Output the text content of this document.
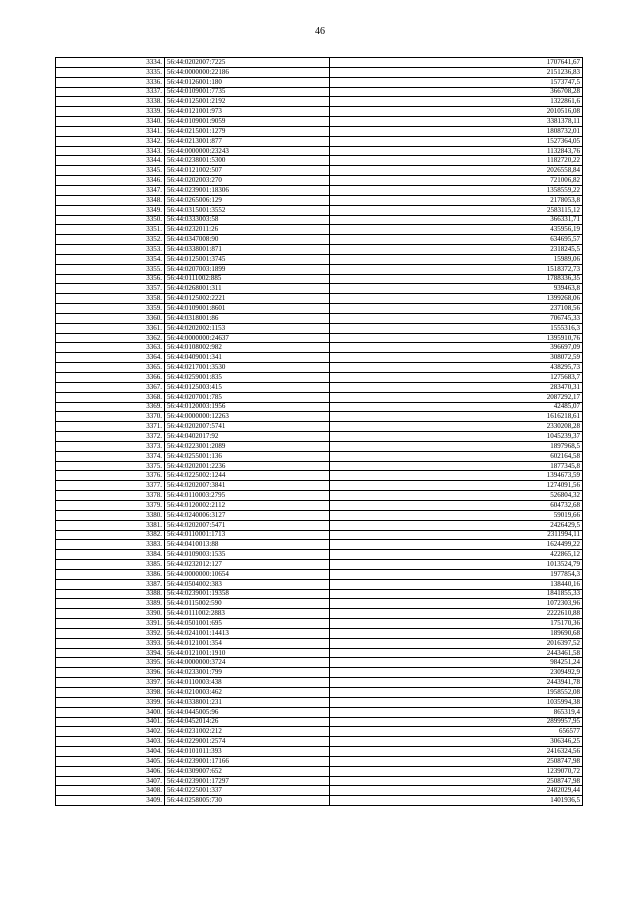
46
3334.	56:44:0202007:7225	1707641,67
3335.	56:44:0000000:22186	2151236,83
3336.	56:44:0126001:180	1573747,5
3337.	56:44:0109001:7735	366708,28
3338.	56:44:0125001:2192	1322861,6
3339.	56:44:0121001:973	2010516,08
3340.	56:44:0109001:9059	3381378,11
3341.	56:44:0215001:1279	1808732,01
3342.	56:44:0213001:877	1527364,05
3343.	56:44:0000000:23243	1132843,76
3344.	56:44:0238001:5300	1182720,22
3345.	56:44:0121002:507	2026558,84
3346.	56:44:0202003:270	721006,82
3347.	56:44:0239001:18306	1358559,22
3348.	56:44:0265006:129	2178053,8
3349.	56:44:0315001:3552	2583115,12
3350.	56:44:0333003:58	366331,71
3351.	56:44:0232011:26	435956,19
3352.	56:44:0347008:90	634695,57
3353.	56:44:0338001:871	2318245,5
3354.	56:44:0125001:3745	15989,06
3355.	56:44:0207003:1899	1518372,73
3356.	56:44:0111002:885	1788336,35
3357.	56:44:0268001:311	939463,8
3358.	56:44:0125002:2221	1399268,06
3359.	56:44:0109001:8601	237108,56
3360.	56:44:0318001:86	706745,33
3361.	56:44:0202002:1153	1555316,3
3362.	56:44:0000000:24637	1395910,76
3363.	56:44:0108002:982	396697,09
3364.	56:44:0409001:341	308072,59
3365.	56:44:0217001:3530	438295,73
3366.	56:44:0259001:835	1275683,7
3367.	56:44:0125003:415	283470,31
3368.	56:44:0207001:785	2087292,17
3369.	56:44:0120003:1956	42485,07
3370.	56:44:0000000:12263	1616218,61
3371.	56:44:0202007:5741	2330208,28
3372.	56:44:0402017:92	1045239,37
3373.	56:44:0223001:2089	1897968,5
3374.	56:44:0255001:136	602164,58
3375.	56:44:0202001:2236	1877345,8
3376.	56:44:0225002:1244	1394673,59
3377.	56:44:0202007:3841	1274091,56
3378.	56:44:0110003:2795	526804,32
3379.	56:44:0120002:2112	604732,68
3380.	56:44:0240006:3127	59019,66
3381.	56:44:0202007:5471	2426429,5
3382.	56:44:0110001:1713	2311994,11
3383.	56:44:0410013:88	1624499,22
3384.	56:44:0109003:1535	422865,12
3385.	56:44:0232012:127	1013524,79
3386.	56:44:0000000:10654	1977854,3
3387.	56:44:0504002:383	138440,16
3388.	56:44:0239001:19358	1841855,33
3389.	56:44:0115002:590	1072303,96
3390.	56:44:0111002:2883	2222610,88
3391.	56:44:0501001:695	175170,36
3392.	56:44:0241001:14413	189690,68
3393.	56:44:0121001:354	2016397,52
3394.	56:44:0121001:1910	2443461,58
3395.	56:44:0000000:3724	984251,24
3396.	56:44:0233001:799	2309492,9
3397.	56:44:0110003:438	2443941,78
3398.	56:44:0210003:462	1958552,08
3399.	56:44:0338001:231	1035994,38
3400.	56:44:0445005:96	865319,4
3401.	56:44:0452014:26	2899957,95
3402.	56:44:0231002:212	656577
3403.	56:44:0229001:2574	306346,25
3404.	56:44:0101011:393	2416324,56
3405.	56:44:0239001:17166	2508747,98
3406.	56:44:0309007:652	1239070,72
3407.	56:44:0239001:17297	2508747,98
3408.	56:44:0225001:337	2482029,44
3409.	56:44:0258005:730	1401936,5
